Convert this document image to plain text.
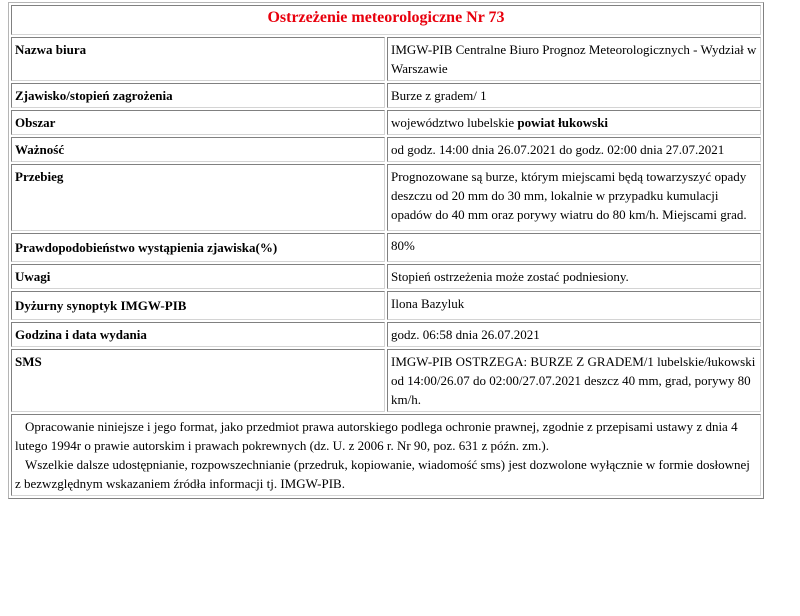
Ostrzeżenie meteorologiczne Nr 73	
Nazwa biura	IMGW-PIB Centralne Biuro Prognoz Meteorologicznych - Wydział w Warszawie
Zjawisko/stopień zagrożenia	Burze z gradem/ 1
Obszar	województwo lubelskie powiat łukowski
Ważność	od godz. 14:00 dnia 26.07.2021 do godz. 02:00 dnia 27.07.2021
Przebieg	Prognozowane są burze, którym miejscami będą towarzyszyć opady deszczu od 20 mm do 30 mm, lokalnie w przypadku kumulacji opadów do 40 mm oraz porywy wiatru do 80 km/h. Miejscami grad.
Prawdopodobieństwo wystąpienia zjawiska(%)	80%
Uwagi	Stopień ostrzeżenia może zostać podniesiony.
Dyżurny synoptyk IMGW-PIB	Ilona Bazyluk
Godzina i data wydania	godz. 06:58 dnia 26.07.2021
SMS	IMGW-PIB OSTRZEGA: BURZE Z GRADEM/1 lubelskie/łukowski od 14:00/26.07 do 02:00/27.07.2021 deszcz 40 mm, grad, porywy 80 km/h.
Opracowanie niniejsze i jego format, jako przedmiot prawa autorskiego podlega ochronie prawnej, zgodnie z przepisami ustawy z dnia 4 lutego 1994r o prawie autorskim i prawach pokrewnych (dz. U. z 2006 r. Nr 90, poz. 631 z późn. zm.).
Wszelkie dalsze udostępnianie, rozpowszechnianie (przedruk, kopiowanie, wiadomość sms) jest dozwolone wyłącznie w formie dosłownej z bezwzględnym wskazaniem źródła informacji tj. IMGW-PIB.	
